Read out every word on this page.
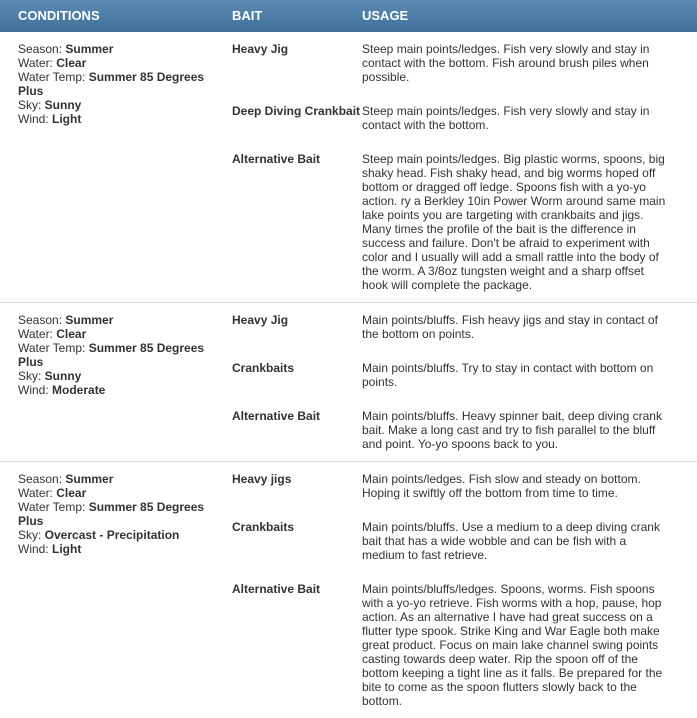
CONDITIONS	BAIT	USAGE
Season: Summer
Water: Clear
Water Temp: Summer 85 Degrees Plus
Sky: Sunny
Wind: Light	Heavy Jig	Steep main points/ledges. Fish very slowly and stay in contact with the bottom. Fish around brush piles when possible.
	Deep Diving Crankbait	Steep main points/ledges. Fish very slowly and stay in contact with the bottom.
	Alternative Bait	Steep main points/ledges. Big plastic worms, spoons, big shaky head. Fish shaky head, and big worms hoped off bottom or dragged off ledge. Spoons fish with a yo-yo action. ry a Berkley 10in Power Worm around same main lake points you are targeting with crankbaits and jigs. Many times the profile of the bait is the difference in success and failure. Don't be afraid to experiment with color and I usually will add a small rattle into the body of the worm. A 3/8oz tungsten weight and a sharp offset hook will complete the package.

Season: Summer
Water: Clear
Water Temp: Summer 85 Degrees Plus
Sky: Sunny
Wind: Moderate	Heavy Jig	Main points/bluffs. Fish heavy jigs and stay in contact of the bottom on points.
	Crankbaits	Main points/bluffs. Try to stay in contact with bottom on points.
	Alternative Bait	Main points/bluffs. Heavy spinner bait, deep diving crank bait. Make a long cast and try to fish parallel to the bluff and point. Yo-yo spoons back to you.

Season: Summer
Water: Clear
Water Temp: Summer 85 Degrees Plus
Sky: Overcast - Precipitation
Wind: Light	Heavy jigs	Main points/ledges. Fish slow and steady on bottom. Hoping it swiftly off the bottom from time to time.
	Crankbaits	Main points/bluffs. Use a medium to a deep diving crank bait that has a wide wobble and can be fish with a medium to fast retrieve.
	Alternative Bait	Main points/bluffs/ledges. Spoons, worms. Fish spoons with a yo-yo retrieve. Fish worms with a hop, pause, hop action. As an alternative I have had great success on a flutter type spook. Strike King and War Eagle both make great product. Focus on main lake channel swing points casting towards deep water. Rip the spoon off of the bottom keeping a tight line as it falls. Be prepared for the bite to come as the spoon flutters slowly back to the bottom.
